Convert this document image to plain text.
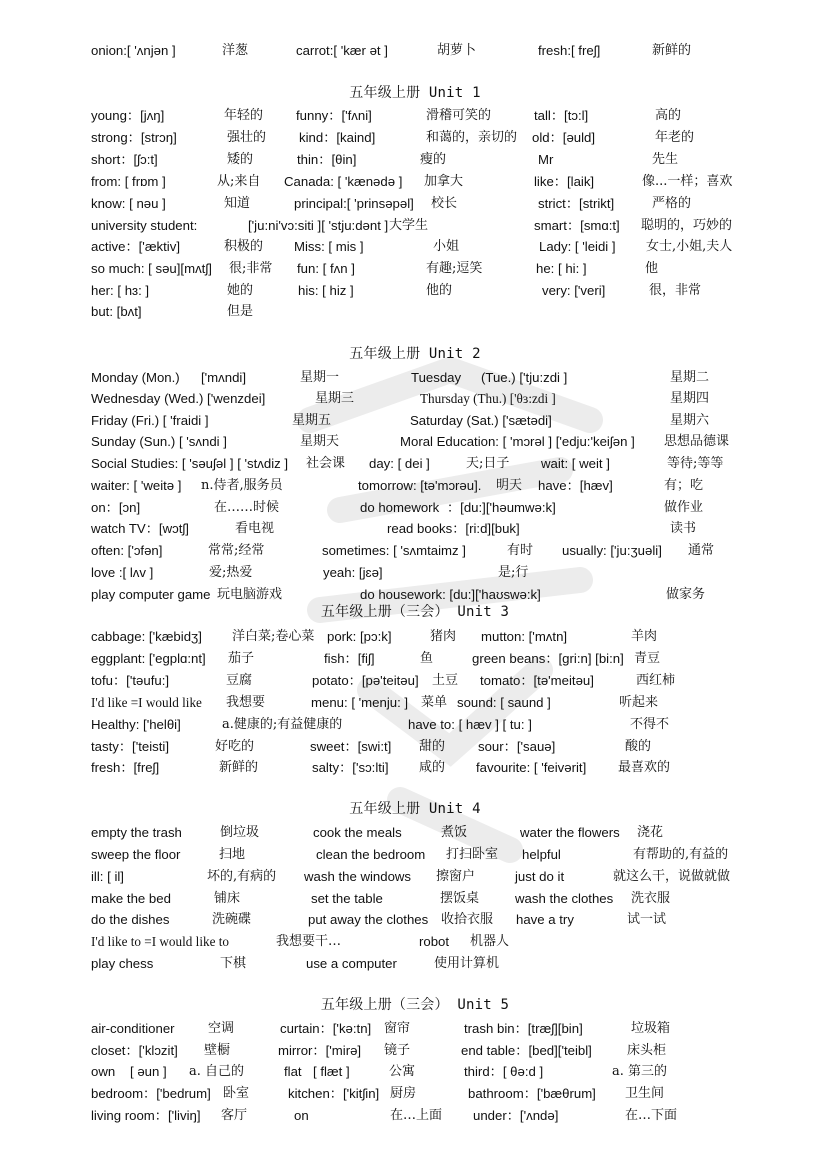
onion:[ 'ʌnjən ]	洋葱	carrot:[ 'kær ət ]	胡萝卜	fresh:[ freʃ]	新鲜的
五年级上册 Unit 1
young：[jʌŋ]	年轻的 funny：['fʌni]	滑稽可笑的	tall：[tɔ:l]	高的
strong：[strɔŋ]	强壮的 kind：[kaind]	和蔼的，亲切的 old：[əuld]	年老的
short：[ʃɔ:t]	矮的	thin：[θin]	瘦的	Mr	先生
from: [ frɒm ]	从;来自 Canada: [ 'kænədə ] 加拿大	like：[laik]	像...一样；喜欢
know: [ nəu ]	知道	principal:[ 'prinsəpəl] 校长	strict：[strikt]	严格的
university student:	['ju:ni'vɔ:siti ][ 'stju:dənt ] 大学生	smart：[smɑ:t] 聪明的，巧妙的
active：['æktiv]	积极的 Miss: [ mis ]	小姐	Lady: [ 'leidi ] 女士,小姐,夫人
so much: [ səu][mʌtʃ] 很;非常 fun: [ fʌn ]	有趣;逗笑	he: [ hi: ]	他
her: [ hɜ: ]	她的	his: [ hiz ]	他的	very: ['veri]	很，非常
but: [bʌt]	但是
五年级上册 Unit 2
Monday (Mon.) ['mʌndi]	星期一	Tuesday (Tue.) ['tju:zdi ]	星期二
Wednesday (Wed.) ['wenzdei]	星期三	Thursday (Thu.) ['θɜ:zdi ]	星期四
Friday (Fri.) [ 'fraidi ]	星期五	Saturday (Sat.) ['sætədi]	星期六
Sunday (Sun.) [ 'sʌndi ]	星期天	Moral Education: [ 'mɔrəl ] ['edju:'keiʃən ] 思想品德课
Social Studies: [ 'səuʃəl ] [ 'stʌdiz ] 社会课 day: [ dei ]	天;日子 wait: [ weit ]	等待;等等
waiter: [ 'weitə ] n.侍者,服务员	tomorrow: [tə'mɔrəu]. 明天 have：[hæv]	有；吃
on：[ɔn]	在……时候	do homework ：[du:]['həumwə:k]	做作业
watch TV：[wɔtʃ]	看电视	read books：[ri:d][buk]	读书
often: ['ɔfən]	常常;经常	sometimes: [ 'sʌmtaimz ]	有时 usually: ['ju:ʒuəli] 通常
love :[ lʌv ]	爱;热爱	yeah: [jɛə]	是;行
play computer game 玩电脑游戏	do housework: [du:]['haʊswə:k]	做家务
五年级上册（三会） Unit 3
cabbage: ['kæbidʒ] 洋白菜;卷心菜 pork: [pɔ:k]	猪肉 mutton: ['mʌtn]	羊肉
eggplant: ['egplɑ:nt] 茄子	fish：[fiʃ]	鱼	green beans：[gri:n] [bi:n] 青豆
tofu：['təufu:]	豆腐	potato：[pə'teitəu] 土豆 tomato：[tə'meitəu]	西红柿
I'd like =I would like 我想要	menu: [ 'menju: ] 菜单 sound: [ saund ]	听起来
Healthy: ['helθi]	a.健康的;有益健康的	have to: [ hæv ] [ tu: ]	不得不
tasty：['teisti]	好吃的	sweet：[swi:t] 甜的 sour：['sauə]	酸的
fresh：[freʃ]	新鲜的	salty：['sɔ:lti] 咸的 favourite: [ 'feivərit] 最喜欢的
五年级上册 Unit 4
empty the trash	倒垃圾	cook the meals	煮饭	water the flowers 浇花
sweep the floor	扫地	clean the bedroom 打扫卧室 helpful	有帮助的,有益的
ill: [ il]	坏的,有病的 wash the windows 擦窗户	just do it	就这么干，说做就做
make the bed	铺床	set the table	摆饭桌	wash the clothes 洗衣服
do the dishes	洗碗碟	put away the clothes 收拾衣服 have a try	试一试
I'd like to =I would like to	我想要干…	robot 机器人
play chess	下棋	use a computer	使用计算机
五年级上册（三会） Unit 5
air-conditioner	空调	curtain：['kə:tn] 窗帘	trash bin：[træʃ][bin]	垃圾箱
closet：['klɔzit] 壁橱	mirror：['mirə] 镜子	end table：[bed]['teibl]	床头柜
own [ əun ] a. 自己的	flat [ flæt ]	公寓	third：[ θə:d ]	a. 第三的
bedroom：['bedrum] 卧室	kitchen：['kitʃin] 厨房	bathroom：['bæθrum] 卫生间
living room：['liviŋ] 客厅	on	在…上面 under：['ʌndə]	在…下面
